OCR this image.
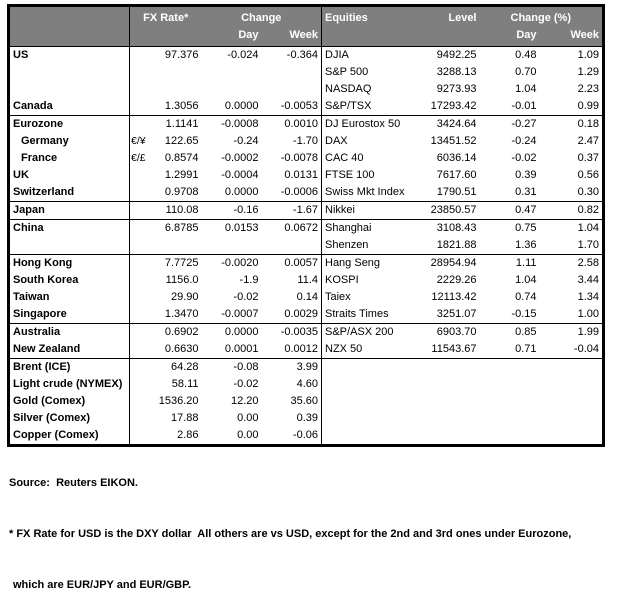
	FX Rate*		Change		Equities	Level	Change (%)	
			Day	Week			Day	Week
US		97.376	-0.024	-0.364	DJIA	9492.25	0.48	1.09
					S&P 500	3288.13	0.70	1.29
					NASDAQ	9273.93	1.04	2.23
Canada		1.3056	0.0000	-0.0053	S&P/TSX	17293.42	-0.01	0.99
Eurozone		1.1141	-0.0008	0.0010	DJ Eurostox 50	3424.64	-0.27	0.18
Germany	€/¥	122.65	-0.24	-1.70	DAX	13451.52	-0.24	2.47
France	€/£	0.8574	-0.0002	-0.0078	CAC 40	6036.14	-0.02	0.37
UK		1.2991	-0.0004	0.0131	FTSE 100	7617.60	0.39	0.56
Switzerland		0.9708	0.0000	-0.0006	Swiss Mkt Index	1790.51	0.31	0.30
Japan		110.08	-0.16	-1.67	Nikkei	23850.57	0.47	0.82
China		6.8785	0.0153	0.0672	Shanghai	3108.43	0.75	1.04
					Shenzen	1821.88	1.36	1.70
Hong Kong		7.7725	-0.0020	0.0057	Hang Seng	28954.94	1.11	2.58
South Korea		1156.0	-1.9	11.4	KOSPI	2229.26	1.04	3.44
Taiwan		29.90	-0.02	0.14	Taiex	12113.42	0.74	1.34
Singapore		1.3470	-0.0007	0.0029	Straits Times	3251.07	-0.15	1.00
Australia		0.6902	0.0000	-0.0035	S&P/ASX 200	6903.70	0.85	1.99
New Zealand		0.6630	0.0001	0.0012	NZX 50	11543.67	0.71	-0.04
Brent (ICE)		64.28	-0.08	3.99				
Light crude (NYMEX)		58.11	-0.02	4.60				
Gold (Comex)		1536.20	12.20	35.60				
Silver (Comex)		17.88	0.00	0.39				
Copper (Comex)		2.86	0.00	-0.06				

Source:  Reuters EIKON.

* FX Rate for USD is the DXY dollar  All others are vs USD, except for the 2nd and 3rd ones under Eurozone,

which are EUR/JPY and EUR/GBP.
